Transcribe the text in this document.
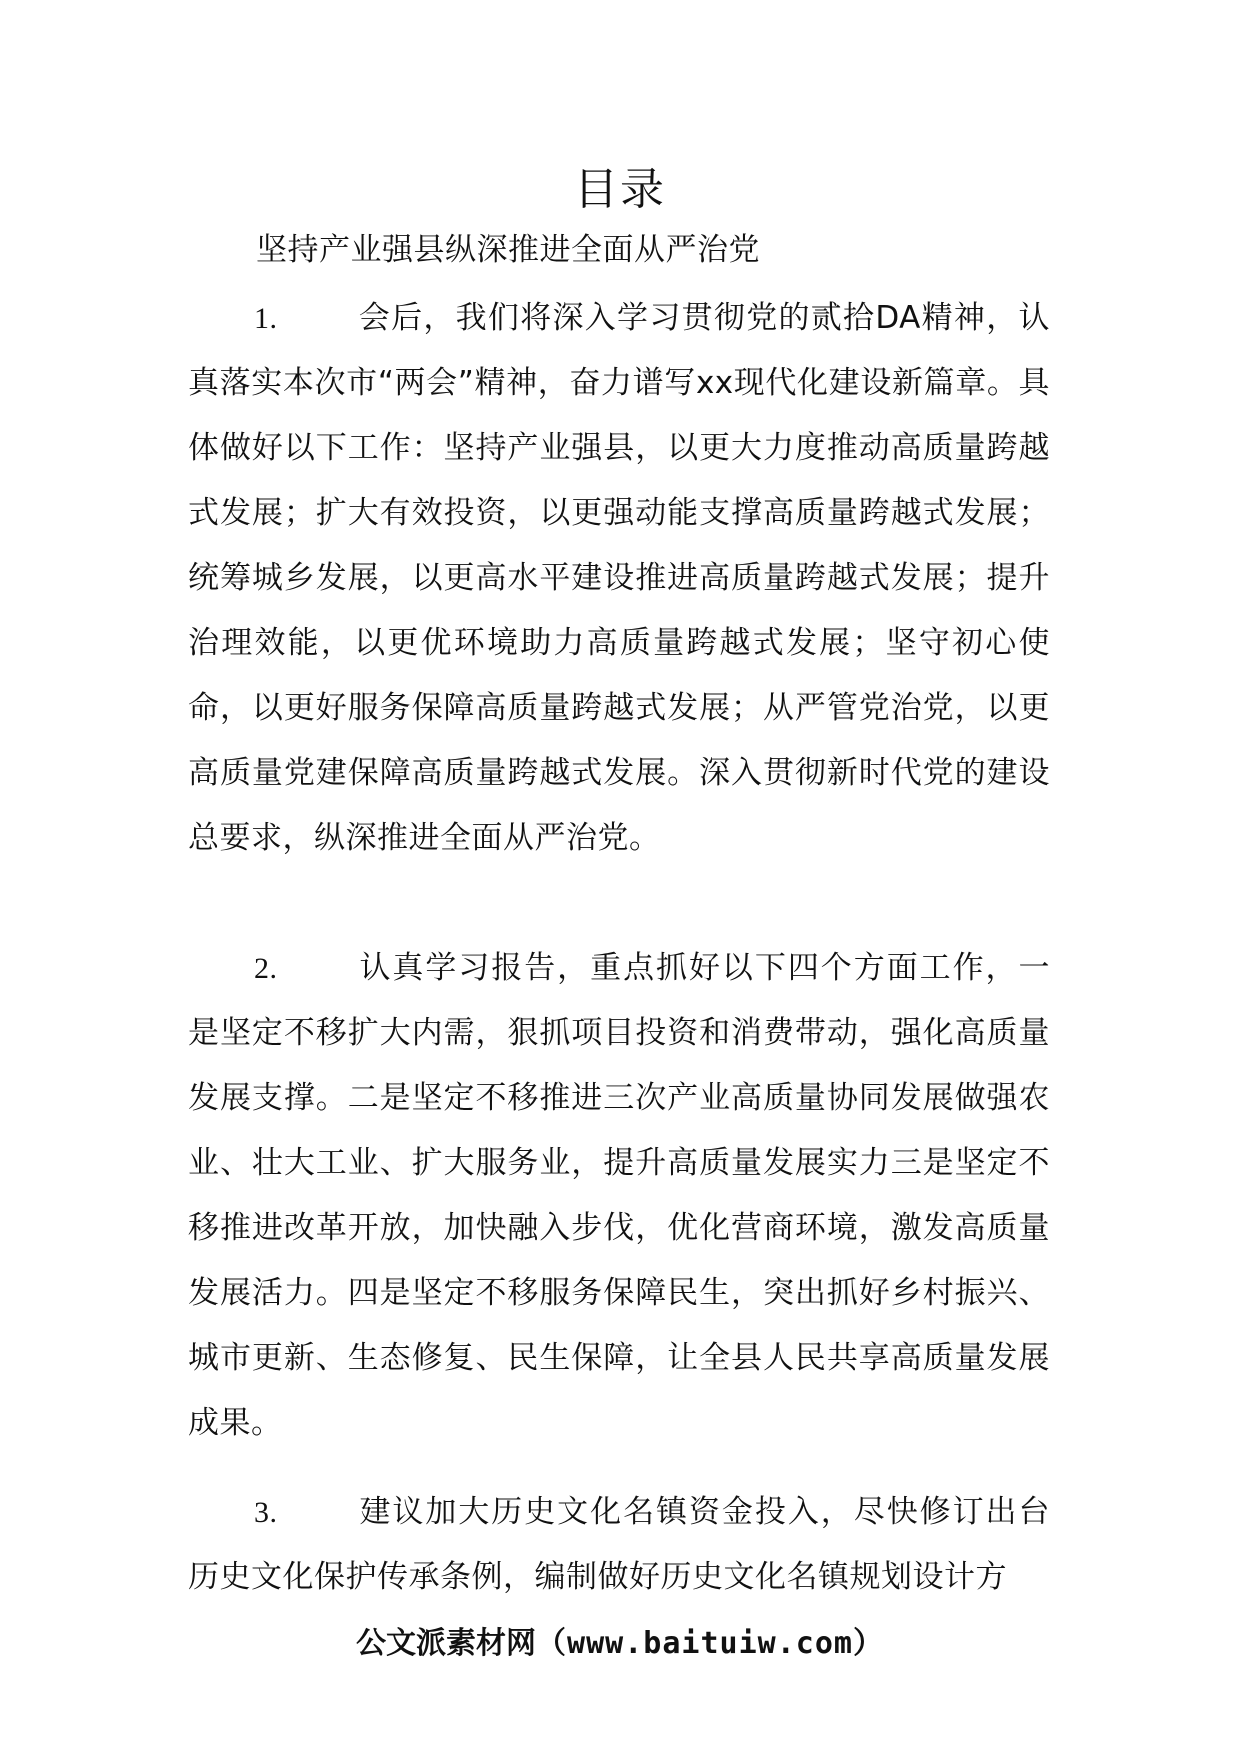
目录
坚持产业强县纵深推进全面从严治党
1.	会后，我们将深入学习贯彻党的贰拾DA精神，认真落实本次市“两会”精神，奋力谱写xx现代化建设新篇章。具体做好以下工作：坚持产业强县，以更大力度推动高质量跨越式发展；扩大有效投资，以更强动能支撑高质量跨越式发展；统筹城乡发展，以更高水平建设推进高质量跨越式发展；提升治理效能，以更优环境助力高质量跨越式发展；坚守初心使命，以更好服务保障高质量跨越式发展；从严管党治党，以更高质量党建保障高质量跨越式发展。深入贯彻新时代党的建设总要求，纵深推进全面从严治党。
2.	认真学习报告，重点抓好以下四个方面工作，一是坚定不移扩大内需，狠抓项目投资和消费带动，强化高质量发展支撑。二是坚定不移推进三次产业高质量协同发展做强农业、壮大工业、扩大服务业，提升高质量发展实力三是坚定不移推进改革开放，加快融入步伐，优化营商环境，激发高质量发展活力。四是坚定不移服务保障民生，突出抓好乡村振兴、城市更新、生态修复、民生保障，让全县人民共享高质量发展成果。
3.	建议加大历史文化名镇资金投入，尽快修订出台历史文化保护传承条例，编制做好历史文化名镇规划设计方
公文派素材网（www.baituiw.com）
